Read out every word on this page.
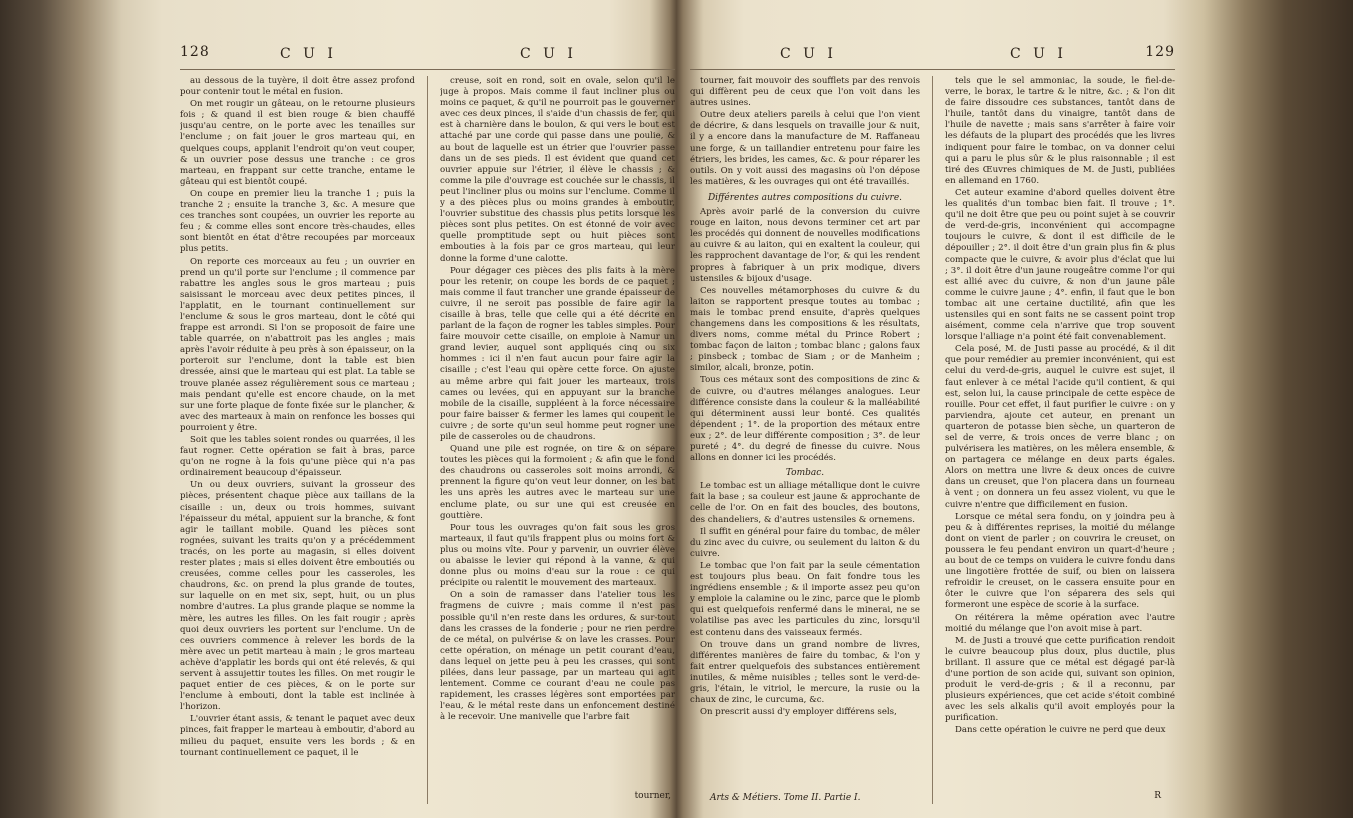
128	C U I	C U I

au dessous de la tuyère, il doit être assez profond pour contenir tout le métal en fusion.

On met rougir un gâteau, on le retourne plusieurs fois ; & quand il est bien rouge & bien chauffé jusqu'au centre, on le porte avec les tenailles sur l'enclume ; on fait jouer le gros marteau qui, en quelques coups, applanit l'endroit qu'on veut couper, & un ouvrier pose dessus une tranche : ce gros marteau, en frappant sur cette tranche, entame le gâteau qui est bientôt coupé.

On coupe en premier lieu la tranche 1 ; puis la tranche 2 ; ensuite la tranche 3, &c. A mesure que ces tranches sont coupées, un ouvrier les reporte au feu ; & comme elles sont encore très-chaudes, elles sont bientôt en état d'être recoupées par morceaux plus petits.

On reporte ces morceaux au feu ; un ouvrier en prend un qu'il porte sur l'enclume ; il commence par rabattre les angles sous le gros marteau ; puis saisissant le morceau avec deux petites pinces, il l'applatit, en le tournant continuellement sur l'enclume & sous le gros marteau, dont le côté qui frappe est arrondi. Si l'on se proposoit de faire une table quarrée, on n'abattroit pas les angles ; mais après l'avoir réduite à peu près à son épaisseur, on la porteroit sur l'enclume, dont la table est bien dressée, ainsi que le marteau qui est plat. La table se trouve planée assez régulièrement sous ce marteau ; mais pendant qu'elle est encore chaude, on la met sur une forte plaque de fonte fixée sur le plancher, & avec des marteaux à main on renfonce les bosses qui pourroient y être.

Soit que les tables soient rondes ou quarrées, il les faut rogner. Cette opération se fait à bras, parce qu'on ne rogne à la fois qu'une pièce qui n'a pas ordinairement beaucoup d'épaisseur.

Un ou deux ouvriers, suivant la grosseur des pièces, présentent chaque pièce aux taillans de la cisaille : un, deux ou trois hommes, suivant l'épaisseur du métal, appuient sur la branche, & font agir le taillant mobile. Quand les pièces sont rognées, suivant les traits qu'on y a précédemment tracés, on les porte au magasin, si elles doivent rester plates ; mais si elles doivent être emboutiés ou creusées, comme celles pour les casseroles, les chaudrons, &c. on prend la plus grande de toutes, sur laquelle on en met six, sept, huit, ou un plus nombre d'autres. La plus grande plaque se nomme la mère, les autres les filles. On les fait rougir ; après quoi deux ouvriers les portent sur l'enclume. Un de ces ouvriers commence à relever les bords de la mère avec un petit marteau à main ; le gros marteau achève d'applatir les bords qui ont été relevés, & qui servent à assujettir toutes les filles. On met rougir le paquet entier de ces pièces, & on le porte sur l'enclume à embouti, dont la table est inclinée à l'horizon.

L'ouvrier étant assis, & tenant le paquet avec deux pinces, fait frapper le marteau à emboutir, d'abord au milieu du paquet, ensuite vers les bords ; & en tournant continuellement ce paquet, il le

creuse, soit en rond, soit en ovale, selon qu'il le juge à propos. Mais comme il faut incliner plus ou moins ce paquet, & qu'il ne pourroit pas le gouverner avec ces deux pinces, il s'aide d'un chassis de fer, qui est à charnière dans le boulon, & qui vers le bout est attaché par une corde qui passe dans une poulie, & au bout de laquelle est un étrier que l'ouvrier passe dans un de ses pieds. Il est évident que quand cet ouvrier appuie sur l'étrier, il élève le chassis ; & comme la pile d'ouvrage est couchée sur le chassis, il peut l'incliner plus ou moins sur l'enclume. Comme il y a des pièces plus ou moins grandes à emboutir, l'ouvrier substitue des chassis plus petits lorsque les pièces sont plus petites. On est étonné de voir avec quelle promptitude sept ou huit pièces sont embouties à la fois par ce gros marteau, qui leur donne la forme d'une calotte.

Pour dégager ces pièces des plis faits à la mère pour les retenir, on coupe les bords de ce paquet ; mais comme il faut trancher une grande épaisseur de cuivre, il ne seroit pas possible de faire agir la cisaille à bras, telle que celle qui a été décrite en parlant de la façon de rogner les tables simples. Pour faire mouvoir cette cisaille, on emploie à Namur un grand levier, auquel sont appliqués cinq ou six hommes : ici il n'en faut aucun pour faire agir la cisaille ; c'est l'eau qui opère cette force. On ajuste au même arbre qui fait jouer les marteaux, trois cames ou levées, qui en appuyant sur la branche mobile de la cisaille, suppléent à la force nécessaire pour faire baisser & fermer les lames qui coupent le cuivre ; de sorte qu'un seul homme peut rogner une pile de casseroles ou de chaudrons.

Quand une pile est rognée, on tire & on sépare toutes les pièces qui la formoient ; & afin que le fond des chaudrons ou casseroles soit moins arrondi, & prennent la figure qu'on veut leur donner, on les bat les uns après les autres avec le marteau sur une enclume plate, ou sur une qui est creusée en gouttière.

Pour tous les ouvrages qu'on fait sous les gros marteaux, il faut qu'ils frappent plus ou moins fort & plus ou moins vîte. Pour y parvenir, un ouvrier élève ou abaisse le levier qui répond à la vanne, & qui donne plus ou moins d'eau sur la roue : ce qui précipite ou ralentit le mouvement des marteaux.

On a soin de ramasser dans l'atelier tous les fragmens de cuivre ; mais comme il n'est pas possible qu'il n'en reste dans les ordures, & sur-tout dans les crasses de la fonderie ; pour ne rien perdre de ce métal, on pulvérise & on lave les crasses. Pour cette opération, on ménage un petit courant d'eau, dans lequel on jette peu à peu les crasses, qui sont pilées, dans leur passage, par un marteau qui agit lentement. Comme ce courant d'eau ne coule pas rapidement, les crasses légères sont emportées par l'eau, & le métal reste dans un enfoncement destiné à le recevoir. Une manivelle que l'arbre fait

tourner,
C U I	C U I	129

tourner, fait mouvoir des soufflets par des renvois qui diffèrent peu de ceux que l'on voit dans les autres usines.

Outre deux ateliers pareils à celui que l'on vient de décrire, & dans lesquels on travaille jour & nuit, il y a encore dans la manufacture de M. Raffaneau une forge, & un taillandier entretenu pour faire les étriers, les brides, les cames, &c. & pour réparer les outils. On y voit aussi des magasins où l'on dépose les matières, & les ouvrages qui ont été travaillés.

Différentes autres compositions du cuivre.

Après avoir parlé de la conversion du cuivre rouge en laiton, nous devons terminer cet art par les procédés qui donnent de nouvelles modifications au cuivre & au laiton, qui en exaltent la couleur, qui les rapprochent davantage de l'or, & qui les rendent propres à fabriquer à un prix modique, divers ustensiles & bijoux d'usage.

Ces nouvelles métamorphoses du cuivre & du laiton se rapportent presque toutes au tombac ; mais le tombac prend ensuite, d'après quelques changemens dans les compositions & les résultats, divers noms, comme métal du Prince Robert ; tombac façon de laiton ; tombac blanc ; galons faux ; pinsbeck ; tombac de Siam ; or de Manheim ; similor, alcali, bronze, potin.

Tous ces métaux sont des compositions de zinc & de cuivre, ou d'autres mélanges analogues. Leur différence consiste dans la couleur & la malléabilité qui déterminent aussi leur bonté. Ces qualités dépendent ; 1°. de la proportion des métaux entre eux ; 2°. de leur différente composition ; 3°. de leur pureté ; 4°. du degré de finesse du cuivre. Nous allons en donner ici les procédés.

Tombac.

Le tombac est un alliage métallique dont le cuivre fait la base ; sa couleur est jaune & approchante de celle de l'or. On en fait des boucles, des boutons, des chandeliers, & d'autres ustensiles & ornemens.

Il suffit en général pour faire du tombac, de mêler du zinc avec du cuivre, ou seulement du laiton & du cuivre.

Le tombac que l'on fait par la seule cémentation est toujours plus beau. On fait fondre tous les ingrédiens ensemble ; & il importe assez peu qu'on y emploie la calamine ou le zinc, parce que le plomb qui est quelquefois renfermé dans le minerai, ne se volatilise pas avec les particules du zinc, lorsqu'il est contenu dans des vaisseaux fermés.

On trouve dans un grand nombre de livres, différentes manières de faire du tombac, & l'on y fait entrer quelquefois des substances entièrement inutiles, & même nuisibles ; telles sont le verd-de-gris, l'étain, le vitriol, le mercure, la rusie ou la chaux de zinc, le curcuma, &c.

On prescrit aussi d'y employer différens sels,

Arts & Métiers. Tome II. Partie I.

tels que le sel ammoniac, la soude, le fiel-de-verre, le borax, le tartre & le nitre, &c. ; & l'on dit de faire dissoudre ces substances, tantôt dans de l'huile, tantôt dans du vinaigre, tantôt dans de l'huile de navette ; mais sans s'arrêter à faire voir les défauts de la plupart des procédés que les livres indiquent pour faire le tombac, on va donner celui qui a paru le plus sûr & le plus raisonnable ; il est tiré des Œuvres chimiques de M. de Justi, publiées en allemand en 1760.

Cet auteur examine d'abord quelles doivent être les qualités d'un tombac bien fait. Il trouve ; 1°. qu'il ne doit être que peu ou point sujet à se couvrir de verd-de-gris, inconvénient qui accompagne toujours le cuivre, & dont il est difficile de le dépouiller ; 2°. il doit être d'un grain plus fin & plus compacte que le cuivre, & avoir plus d'éclat que lui ; 3°. il doit être d'un jaune rougeâtre comme l'or qui est allié avec du cuivre, & non d'un jaune pâle comme le cuivre jaune ; 4°. enfin, il faut que le bon tombac ait une certaine ductilité, afin que les ustensiles qui en sont faits ne se cassent point trop aisément, comme cela n'arrive que trop souvent lorsque l'alliage n'a point été fait convenablement.

Cela posé, M. de Justi passe au procédé, & il dit que pour remédier au premier inconvénient, qui est celui du verd-de-gris, auquel le cuivre est sujet, il faut enlever à ce métal l'acide qu'il contient, & qui est, selon lui, la cause principale de cette espèce de rouille. Pour cet effet, il faut purifier le cuivre : on y parviendra, ajoute cet auteur, en prenant un quarteron de potasse bien sèche, un quarteron de sel de verre, & trois onces de verre blanc ; on pulvérisera les matières, on les mêlera ensemble, & on partagera ce mélange en deux parts égales. Alors on mettra une livre & deux onces de cuivre dans un creuset, que l'on placera dans un fourneau à vent ; on donnera un feu assez violent, vu que le cuivre n'entre que difficilement en fusion.

Lorsque ce métal sera fondu, on y joindra peu à peu & à différentes reprises, la moitié du mélange dont on vient de parler ; on couvrira le creuset, on poussera le feu pendant environ un quart-d'heure ; au bout de ce temps on vuidera le cuivre fondu dans une lingotière frottée de suif, ou bien on laissera refroidir le creuset, on le cassera ensuite pour en ôter le cuivre que l'on séparera des sels qui formeront une espèce de scorie à la surface.

On réitérera la même opération avec l'autre moitié du mélange que l'on avoit mise à part.

M. de Justi a trouvé que cette purification rendoit le cuivre beaucoup plus doux, plus ductile, plus brillant. Il assure que ce métal est dégagé par-là d'une portion de son acide qui, suivant son opinion, produit le verd-de-gris ; & il a reconnu, par plusieurs expériences, que cet acide s'étoit combiné avec les sels alkalis qu'il avoit employés pour la purification.

Dans cette opération le cuivre ne perd que deux

R
